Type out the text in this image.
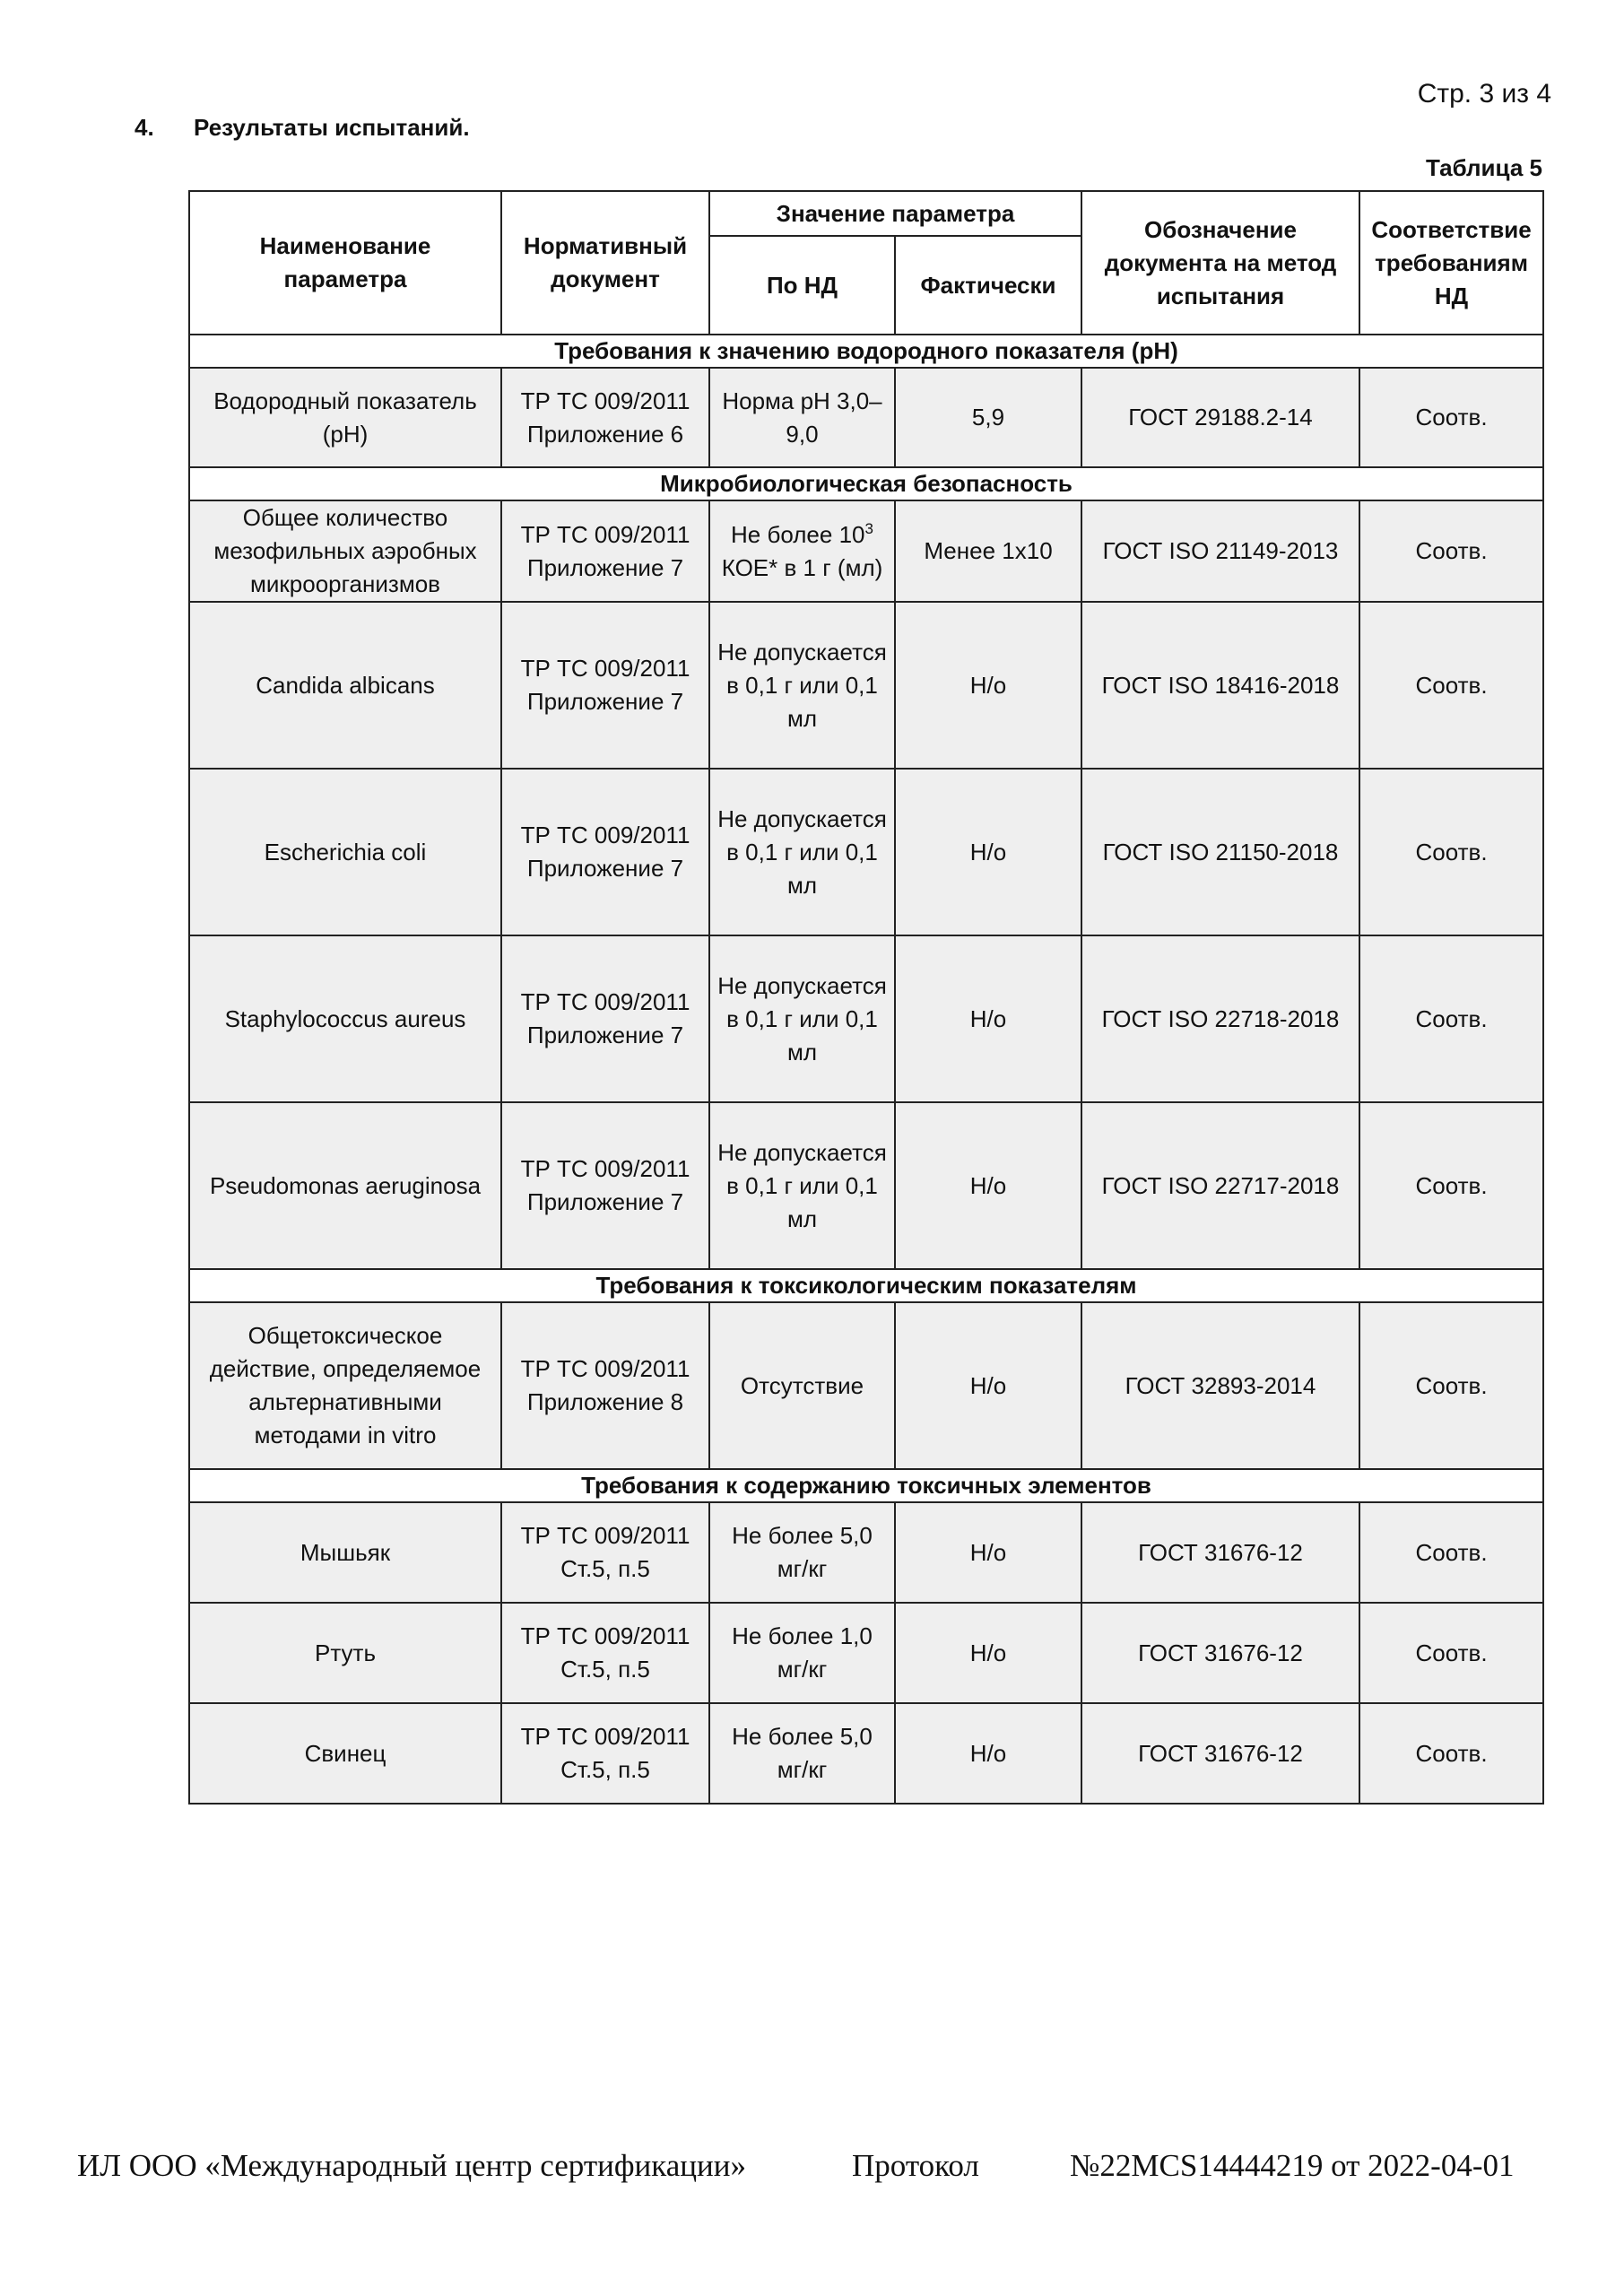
Стр. 3 из 4
4. Результаты испытаний.
Таблица 5
Наименование параметра	Нормативный документ	Значение параметра		Обозначение документа на метод испытания	Соответствие требованиям НД
		По НД	Фактически		
Требования к значению водородного показателя (pH)					
Водородный показатель (pH)	ТР ТС 009/2011 Приложение 6	Норма pH 3,0– 9,0	5,9	ГОСТ 29188.2-14	Соотв.
Микробиологическая безопасность					
Общее количество мезофильных аэробных микроорганизмов	ТР ТС 009/2011 Приложение 7	Не более $10^3$ КОЕ* в 1 г (мл)	Менее 1х10	ГОСТ ISO 21149-2013	Соотв.
Candida albicans	ТР ТС 009/2011 Приложение 7	Не допускается в 0,1 г или 0,1 мл	Н/о	ГОСТ ISO 18416-2018	Соотв.
Escherichia coli	ТР ТС 009/2011 Приложение 7	Не допускается в 0,1 г или 0,1 мл	Н/о	ГОСТ ISO 21150-2018	Соотв.
Staphylococcus aureus	ТР ТС 009/2011 Приложение 7	Не допускается в 0,1 г или 0,1 мл	Н/о	ГОСТ ISO 22718-2018	Соотв.
Pseudomonas aeruginosa	ТР ТС 009/2011 Приложение 7	Не допускается в 0,1 г или 0,1 мл	Н/о	ГОСТ ISO 22717-2018	Соотв.
Требования к токсикологическим показателям					
Общетоксическое действие, определяемое альтернативными методами in vitro	ТР ТС 009/2011 Приложение 8	Отсутствие	Н/о	ГОСТ 32893-2014	Соотв.
Требования к содержанию токсичных элементов					
Мышьяк	ТР ТС 009/2011 Ст.5, п.5	Не более 5,0 мг/кг	Н/о	ГОСТ 31676-12	Соотв.
Ртуть	ТР ТС 009/2011 Ст.5, п.5	Не более 1,0 мг/кг	Н/о	ГОСТ 31676-12	Соотв.
Свинец	ТР ТС 009/2011 Ст.5, п.5	Не более 5,0 мг/кг	Н/о	ГОСТ 31676-12	Соотв.
ИЛ ООО «Международный центр сертификации»	Протокол	№22MCS14444219 от 2022-04-01
